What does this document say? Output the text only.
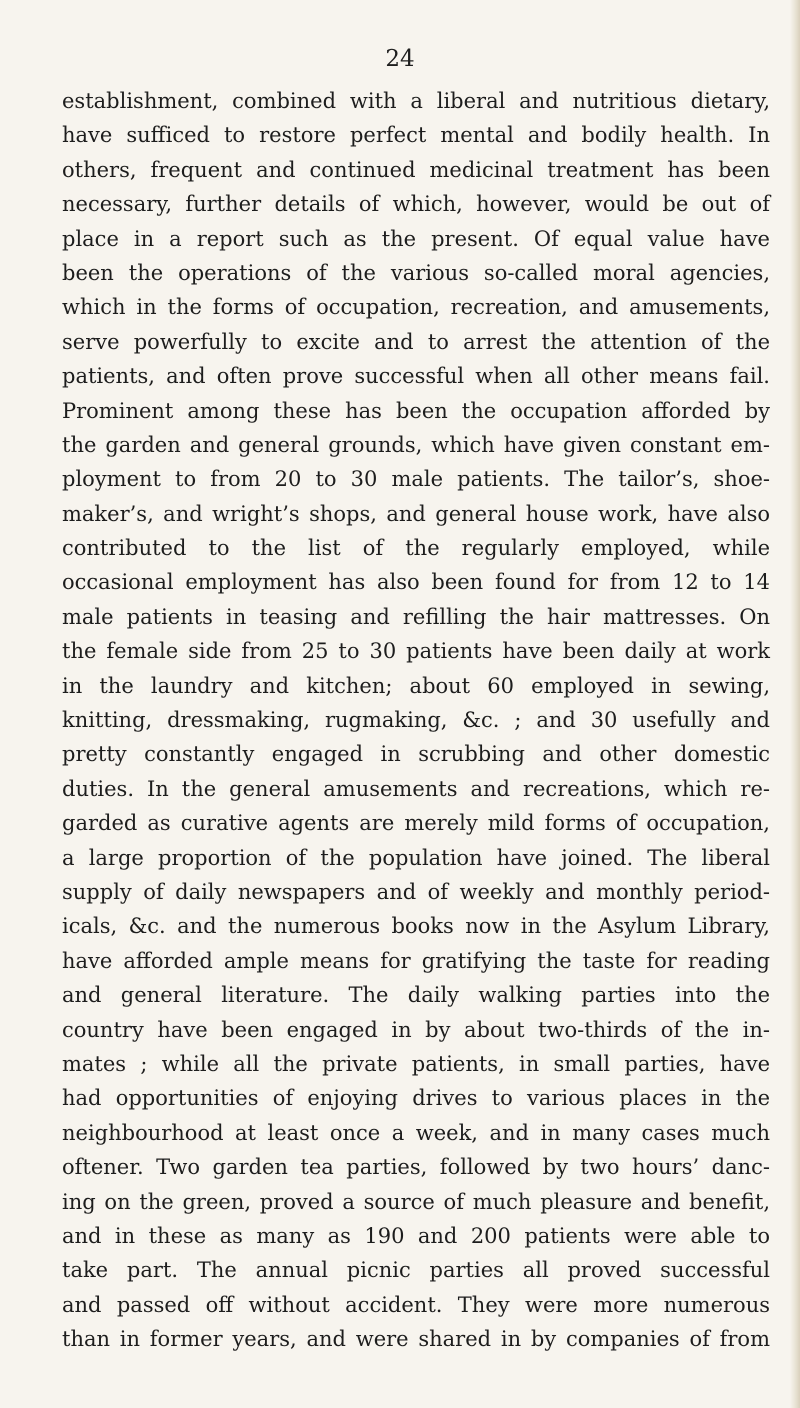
24
establishment, combined with a liberal and nutritious dietary,
have sufficed to restore perfect mental and bodily health. In
others, frequent and continued medicinal treatment has been
necessary, further details of which, however, would be out of
place in a report such as the present. Of equal value have
been the operations of the various so-called moral agencies,
which in the forms of occupation, recreation, and amusements,
serve powerfully to excite and to arrest the attention of the
patients, and often prove successful when all other means fail.
Prominent among these has been the occupation afforded by
the garden and general grounds, which have given constant em-
ployment to from 20 to 30 male patients. The tailor’s, shoe-
maker’s, and wright’s shops, and general house work, have also
contributed to the list of the regularly employed, while
occasional employment has also been found for from 12 to 14
male patients in teasing and refilling the hair mattresses. On
the female side from 25 to 30 patients have been daily at work
in the laundry and kitchen; about 60 employed in sewing,
knitting, dressmaking, rugmaking, &c. ; and 30 usefully and
pretty constantly engaged in scrubbing and other domestic
duties. In the general amusements and recreations, which re-
garded as curative agents are merely mild forms of occupation,
a large proportion of the population have joined. The liberal
supply of daily newspapers and of weekly and monthly period-
icals, &c. and the numerous books now in the Asylum Library,
have afforded ample means for gratifying the taste for reading
and general literature. The daily walking parties into the
country have been engaged in by about two-thirds of the in-
mates ; while all the private patients, in small parties, have
had opportunities of enjoying drives to various places in the
neighbourhood at least once a week, and in many cases much
oftener. Two garden tea parties, followed by two hours’ danc-
ing on the green, proved a source of much pleasure and benefit,
and in these as many as 190 and 200 patients were able to
take part. The annual picnic parties all proved successful
and passed off without accident. They were more numerous
than in former years, and were shared in by companies of from
